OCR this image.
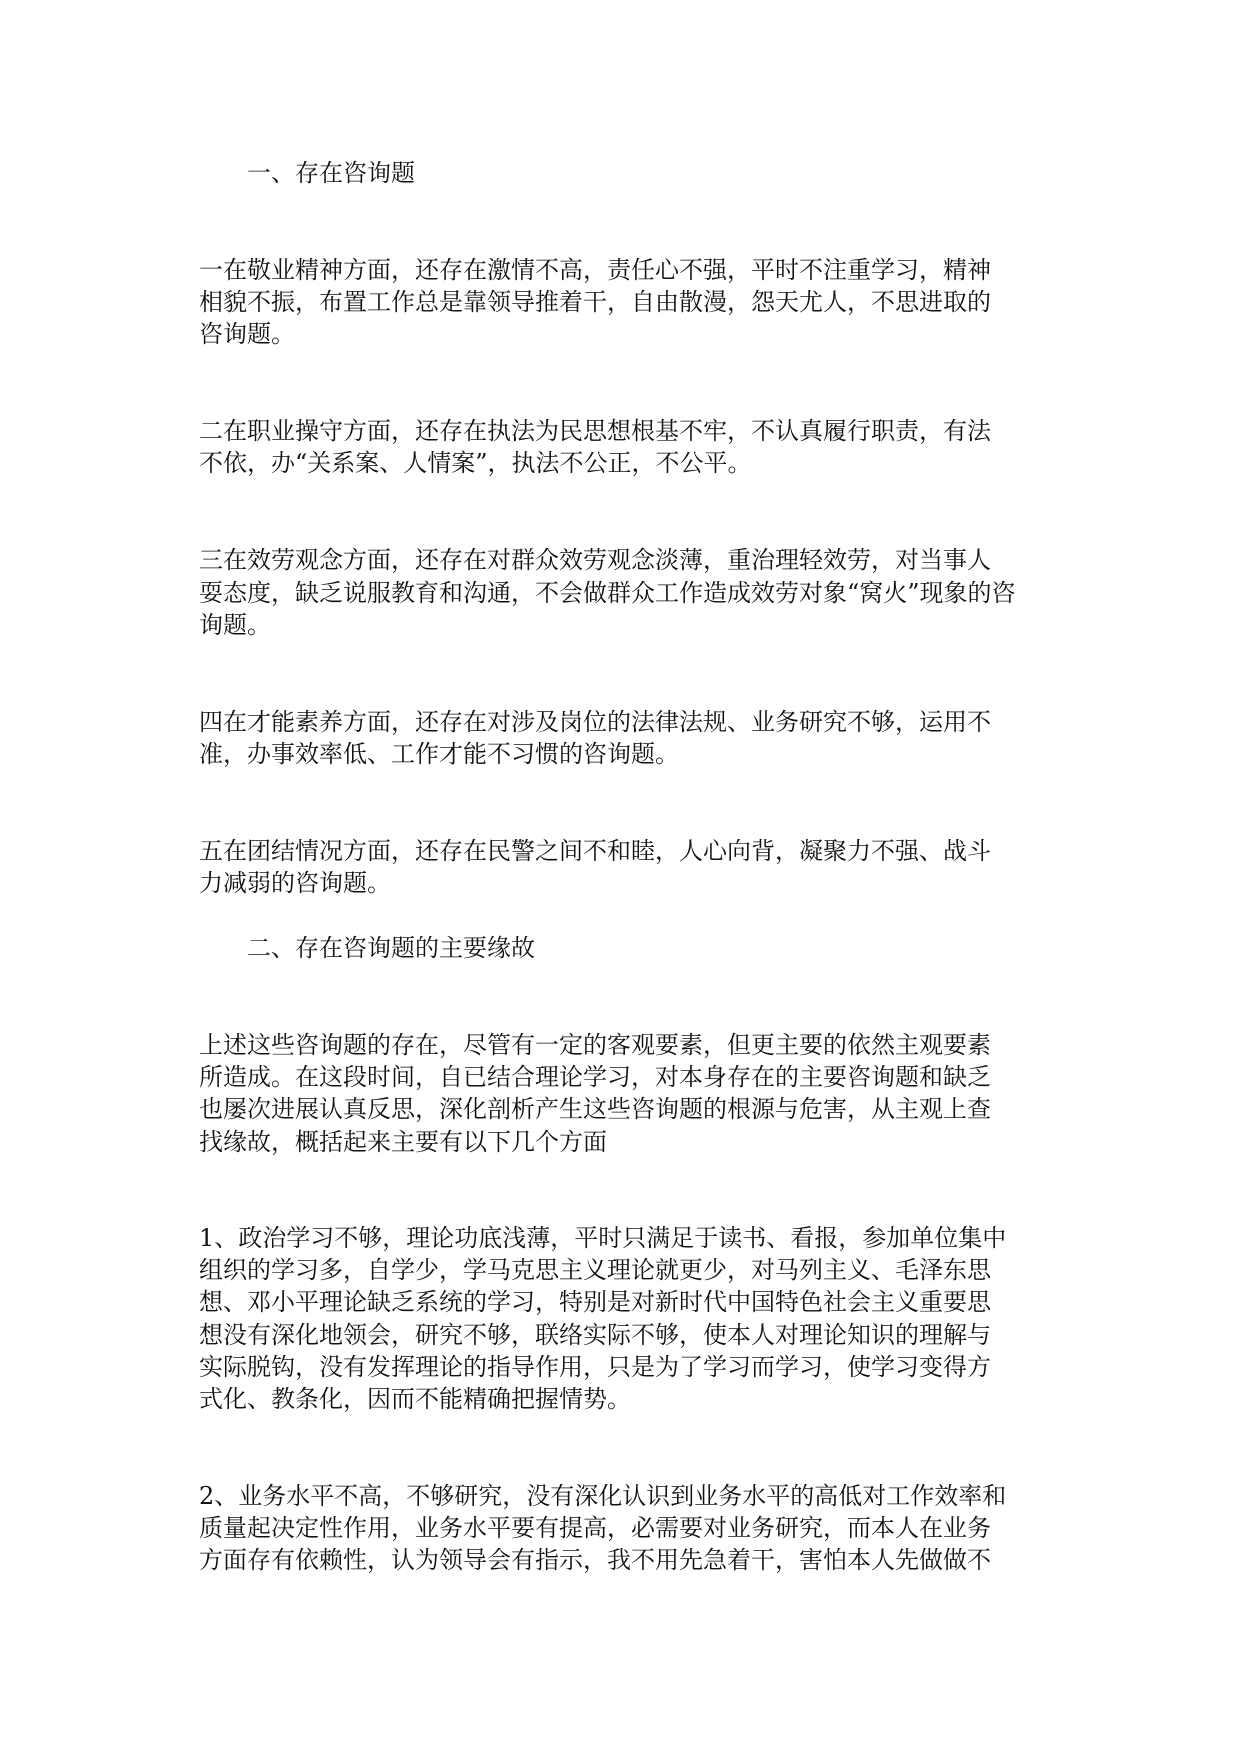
一、存在咨询题

一在敬业精神方面，还存在激情不高，责任心不强，平时不注重学习，精神

相貌不振，布置工作总是靠领导推着干，自由散漫，怨天尤人，不思进取的

咨询题。

二在职业操守方面，还存在执法为民思想根基不牢，不认真履行职责，有法

不依，办“关系案、人情案”，执法不公正，不公平。

三在效劳观念方面，还存在对群众效劳观念淡薄，重治理轻效劳，对当事人

耍态度，缺乏说服教育和沟通，不会做群众工作造成效劳对象“窝火”现象的咨

询题。

四在才能素养方面，还存在对涉及岗位的法律法规、业务研究不够，运用不

准，办事效率低、工作才能不习惯的咨询题。

五在团结情况方面，还存在民警之间不和睦，人心向背，凝聚力不强、战斗

力减弱的咨询题。

二、存在咨询题的主要缘故

上述这些咨询题的存在，尽管有一定的客观要素，但更主要的依然主观要素

所造成。在这段时间，自已结合理论学习，对本身存在的主要咨询题和缺乏

也屡次进展认真反思，深化剖析产生这些咨询题的根源与危害，从主观上查

找缘故，概括起来主要有以下几个方面

1、政治学习不够，理论功底浅薄，平时只满足于读书、看报，参加单位集中

组织的学习多，自学少，学马克思主义理论就更少，对马列主义、毛泽东思

想、邓小平理论缺乏系统的学习，特别是对新时代中国特色社会主义重要思

想没有深化地领会，研究不够，联络实际不够，使本人对理论知识的理解与

实际脱钩，没有发挥理论的指导作用，只是为了学习而学习，使学习变得方

式化、教条化，因而不能精确把握情势。

2、业务水平不高，不够研究，没有深化认识到业务水平的高低对工作效率和

质量起决定性作用，业务水平要有提高，必需要对业务研究，而本人在业务

方面存有依赖性，认为领导会有指示，我不用先急着干，害怕本人先做做不
